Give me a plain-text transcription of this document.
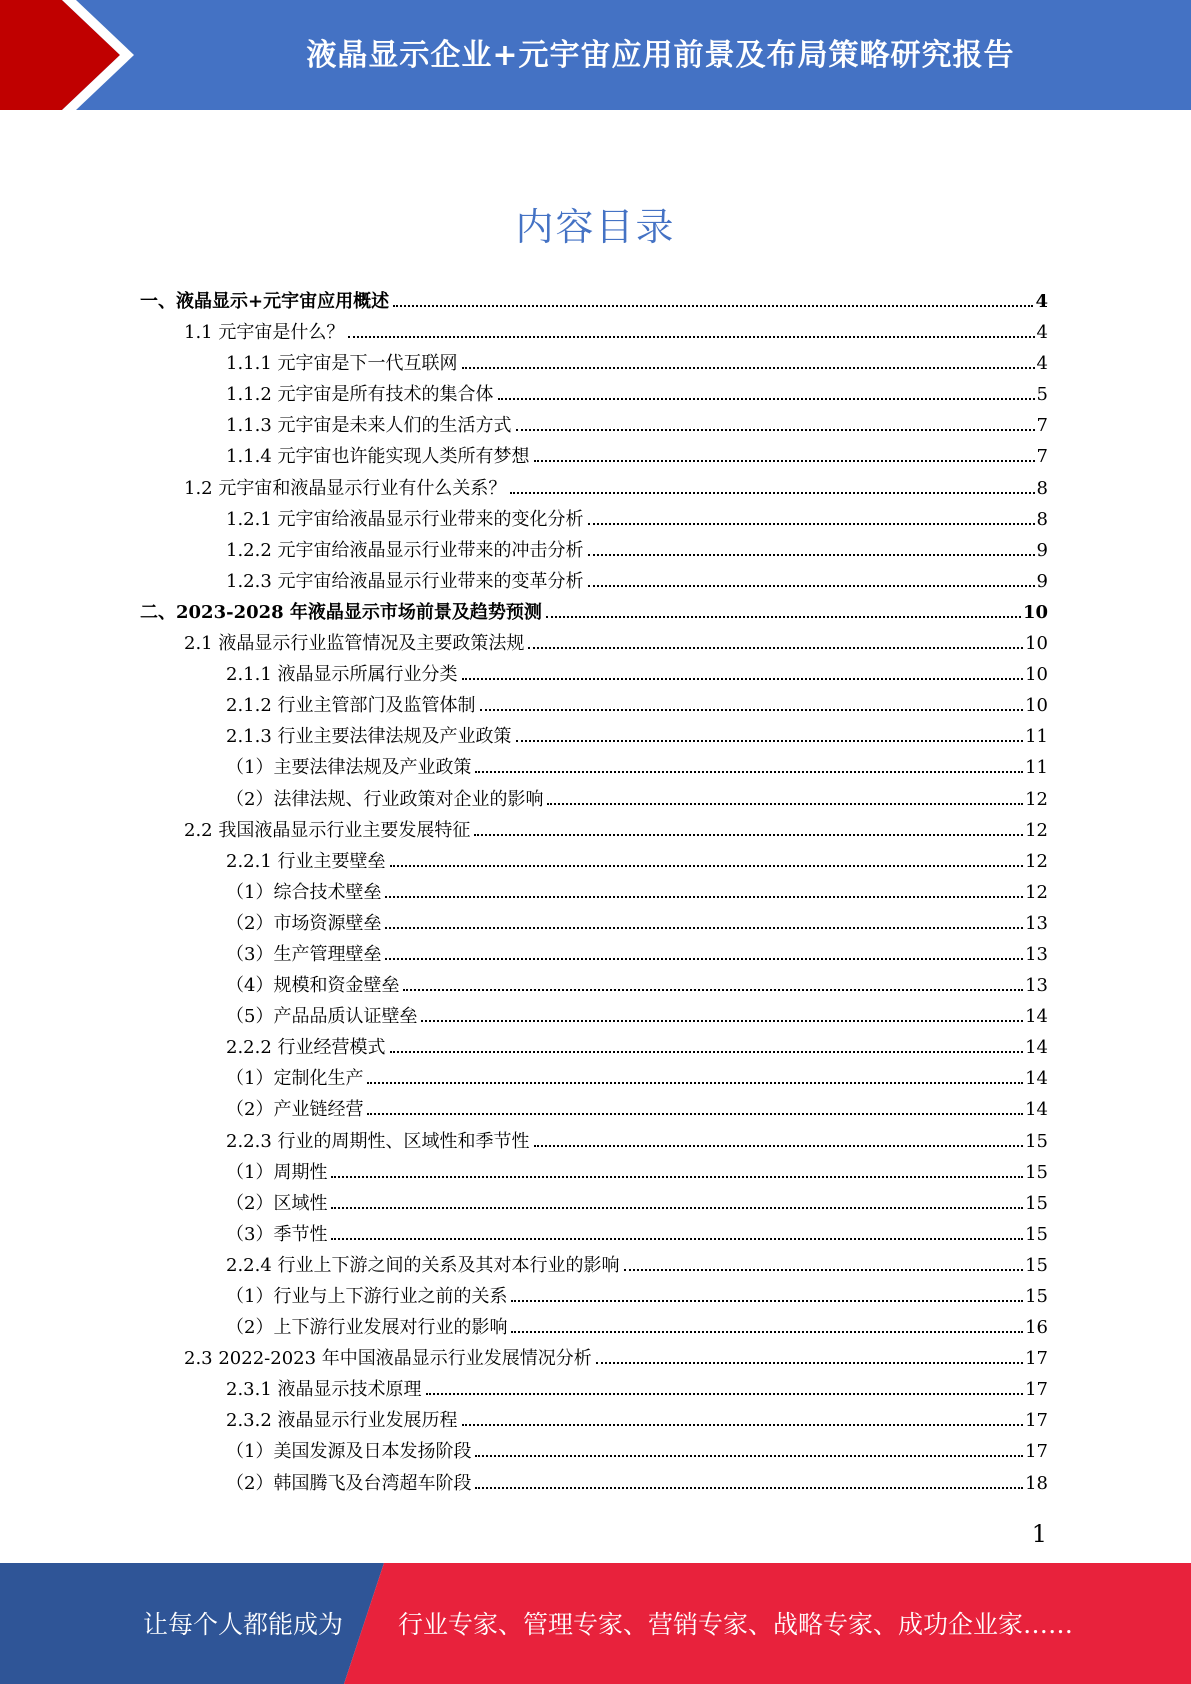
液晶显示企业+元宇宙应用前景及布局策略研究报告
内容目录
一、液晶显示+元宇宙应用概述	4
1.1 元宇宙是什么？	4
1.1.1 元宇宙是下一代互联网	4
1.1.2 元宇宙是所有技术的集合体	5
1.1.3 元宇宙是未来人们的生活方式	7
1.1.4 元宇宙也许能实现人类所有梦想	7
1.2 元宇宙和液晶显示行业有什么关系？	8
1.2.1 元宇宙给液晶显示行业带来的变化分析	8
1.2.2 元宇宙给液晶显示行业带来的冲击分析	9
1.2.3 元宇宙给液晶显示行业带来的变革分析	9
二、2023-2028 年液晶显示市场前景及趋势预测	10
2.1 液晶显示行业监管情况及主要政策法规	10
2.1.1 液晶显示所属行业分类	10
2.1.2 行业主管部门及监管体制	10
2.1.3 行业主要法律法规及产业政策	11
（1）主要法律法规及产业政策	11
（2）法律法规、行业政策对企业的影响	12
2.2 我国液晶显示行业主要发展特征	12
2.2.1 行业主要壁垒	12
（1）综合技术壁垒	12
（2）市场资源壁垒	13
（3）生产管理壁垒	13
（4）规模和资金壁垒	13
（5）产品品质认证壁垒	14
2.2.2 行业经营模式	14
（1）定制化生产	14
（2）产业链经营	14
2.2.3 行业的周期性、区域性和季节性	15
（1）周期性	15
（2）区域性	15
（3）季节性	15
2.2.4 行业上下游之间的关系及其对本行业的影响	15
（1）行业与上下游行业之前的关系	15
（2）上下游行业发展对行业的影响	16
2.3 2022-2023 年中国液晶显示行业发展情况分析	17
2.3.1 液晶显示技术原理	17
2.3.2 液晶显示行业发展历程	17
（1）美国发源及日本发扬阶段	17
（2）韩国腾飞及台湾超车阶段	18
1
让每个人都能成为 行业专家、管理专家、营销专家、战略专家、成功企业家……
